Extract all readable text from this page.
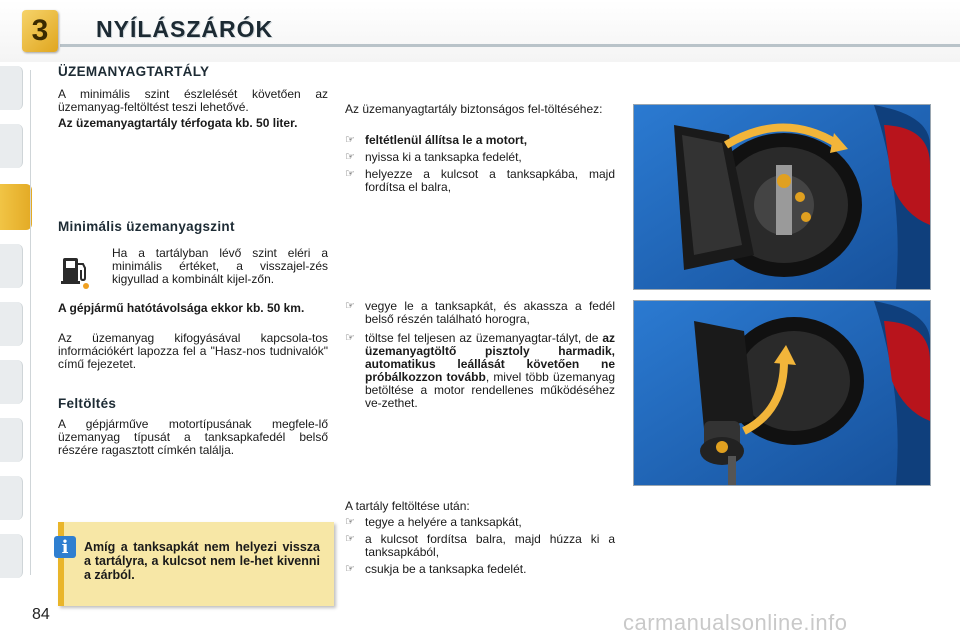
3	NYÍLÁSZÁRÓK
ÜZEMANYAGTARTÁLY

A minimális szint észlelését követően az üzemanyag-feltöltést teszi lehetővé.

Az üzemanyagtartály térfogata kb. 50 liter.

Minimális üzemanyagszint

Ha a tartályban lévő szint eléri a minimális értéket, a visszajel-zés kigyullad a kombinált kijel-zőn.

A gépjármű hatótávolsága ekkor kb. 50 km.

Az üzemanyag kifogyásával kapcsola-tos információkért lapozza fel a "Hasz-nos tudnivalók" című fejezetet.

Feltöltés

A gépjárműve motortípusának megfele-lő üzemanyag típusát a tanksapkafedél belső részére ragasztott címkén találja.

Az üzemanyagtartály biztonságos fel-töltéséhez:

☞ feltétlenül állítsa le a motort,
☞ nyissa ki a tanksapka fedelét,
☞ helyezze a kulcsot a tanksapkába, majd fordítsa el balra,
☞ vegye le a tanksapkát, és akassza a fedél belső részén található horogra,
☞ töltse fel teljesen az üzemanyagtar-tályt, de az üzemanyagtöltő pisztoly harmadik, automatikus leállását követően ne próbálkozzon tovább, mivel több üzemanyag betöltése a motor rendellenes működéséhez ve-zethet.

A tartály feltöltése után:

☞ tegye a helyére a tanksapkát,
☞ a kulcsot fordítsa balra, majd húzza ki a tanksapkából,
☞ csukja be a tanksapka fedelét.
i	Amíg a tanksapkát nem helyezi vissza a tartályra, a kulcsot nem le-het kivenni a zárból.

84	carmanualsonline.info
